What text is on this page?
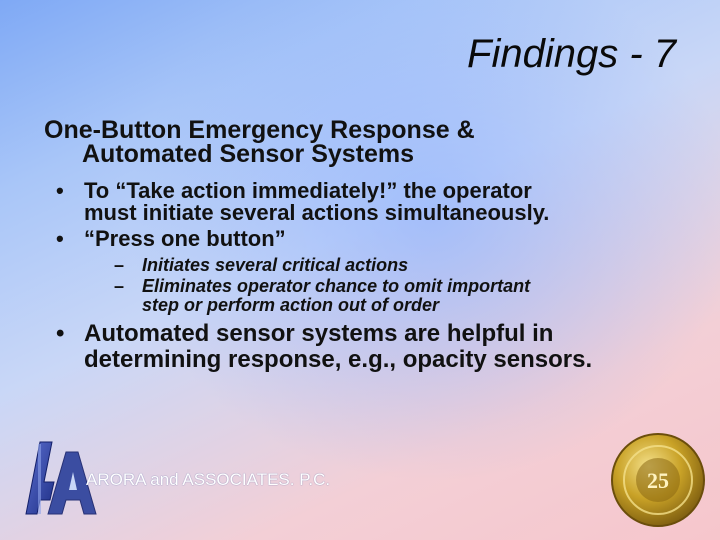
Findings - 7
One-Button Emergency Response &
Automated Sensor Systems
• To “Take action immediately!” the operator
must initiate several actions simultaneously.
• “Press one button”
– Initiates several critical actions
– Eliminates operator chance to omit important
step or perform action out of order
• Automated sensor systems are helpful in
determining response, e.g., opacity sensors.
ARORA and ASSOCIATES. P.C.	25
